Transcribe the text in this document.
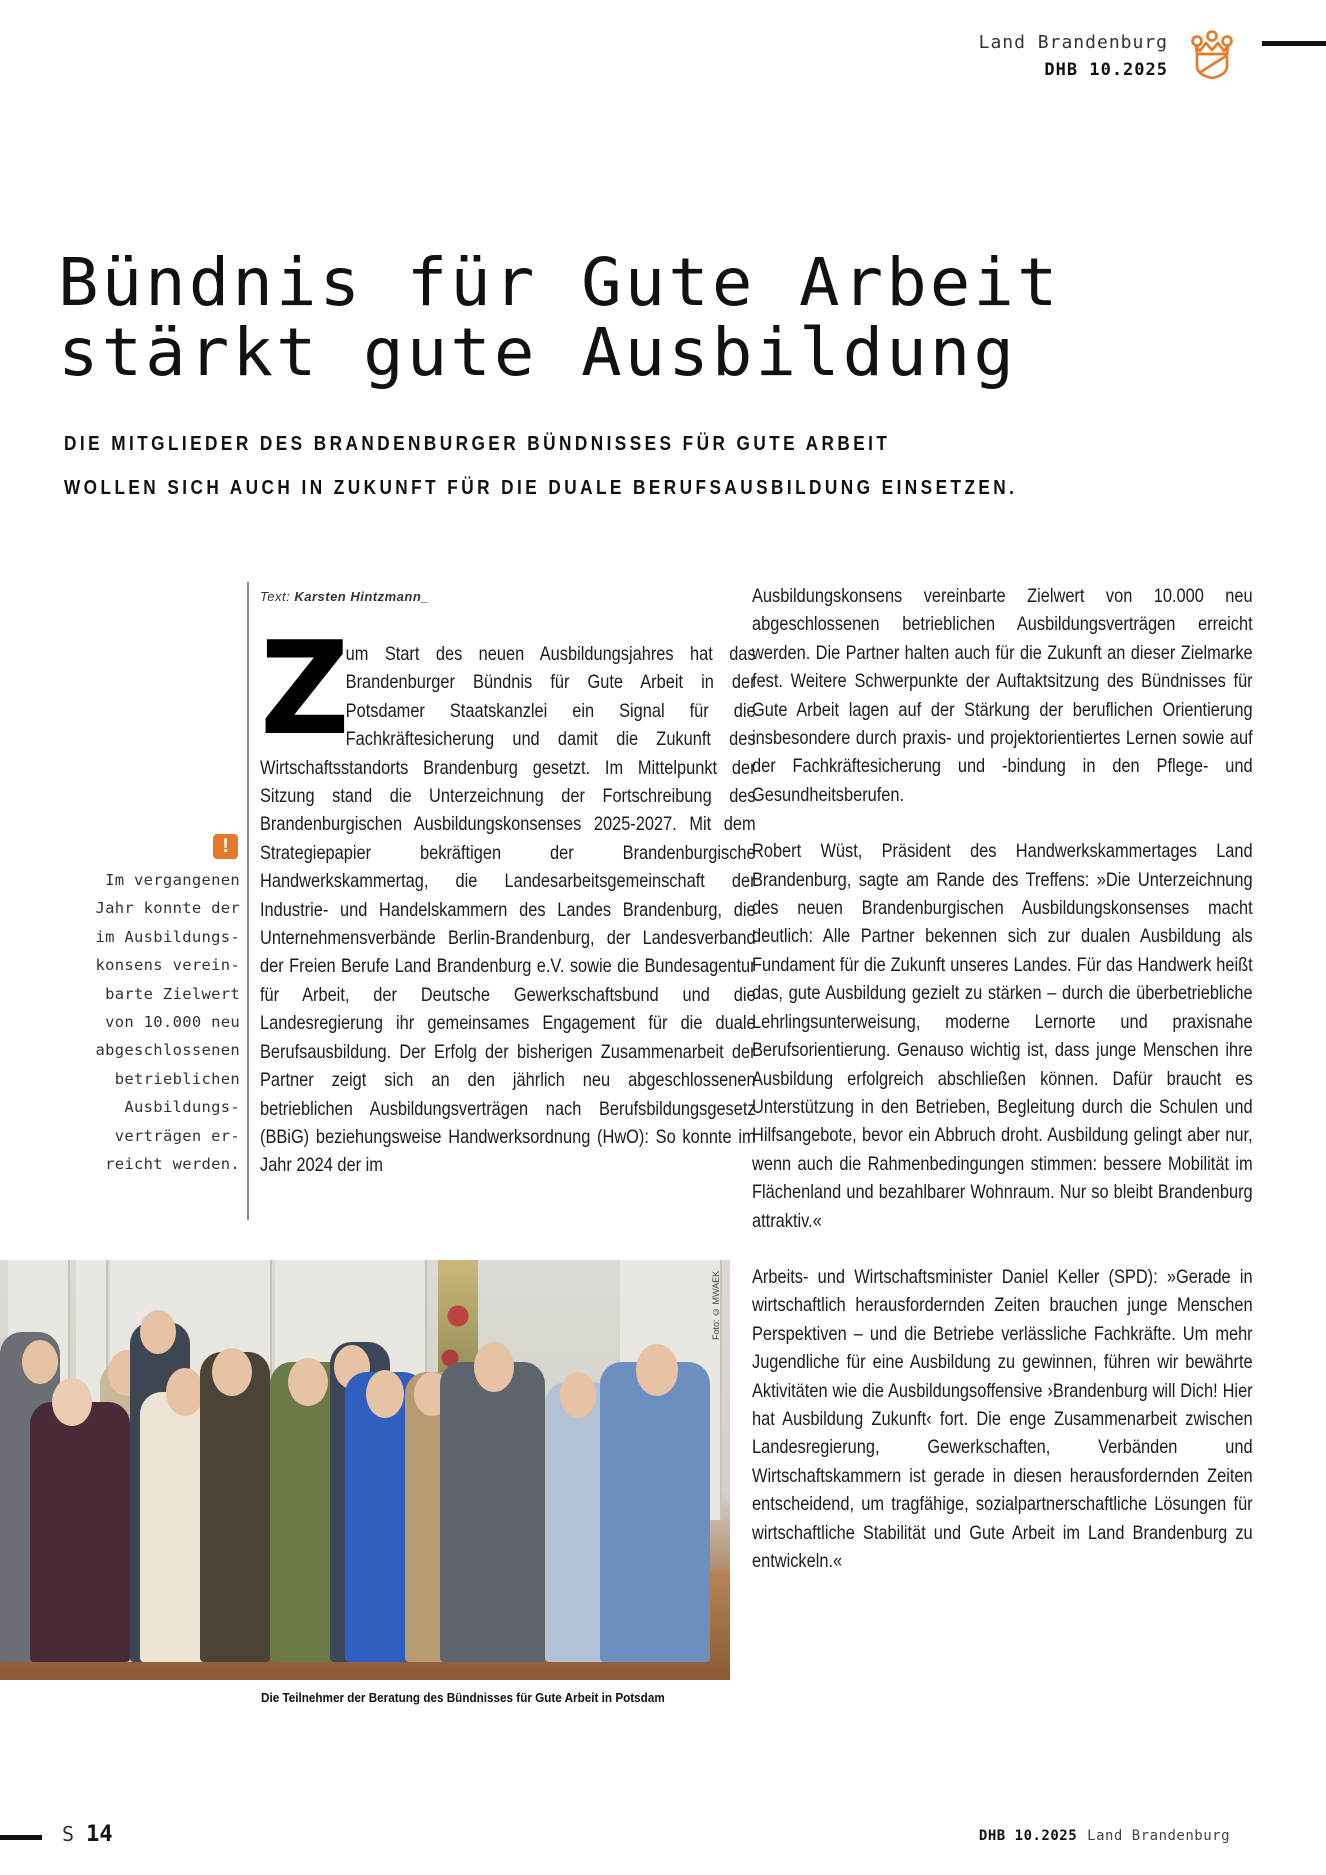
Land Brandenburg
DHB 10.2025
Bündnis für Gute Arbeit
stärkt gute Ausbildung
DIE MITGLIEDER DES BRANDENBURGER BÜNDNISSES FÜR GUTE ARBEIT
WOLLEN SICH AUCH IN ZUKUNFT FÜR DIE DUALE BERUFSAUSBILDUNG EINSETZEN.
Text: Karsten Hintzmann_

Z
um Start des neuen Ausbildungsjahres hat das Brandenburger Bündnis für Gute Arbeit in der Potsdamer Staatskanzlei ein Signal für die Fachkräftesicherung und damit die Zukunft des Wirtschaftsstandorts Brandenburg gesetzt. Im Mittelpunkt der Sitzung stand die Unterzeichnung der Fortschreibung des Brandenburgischen Ausbildungskonsenses 2025-2027. Mit dem Strategiepapier bekräftigen der Brandenburgische Handwerkskammertag, die Landesarbeitsgemeinschaft der Industrie- und Handelskammern des Landes Brandenburg, die Unternehmensverbände Berlin-Brandenburg, der Landesverband der Freien Berufe Land Brandenburg e.V. sowie die Bundesagentur für Arbeit, der Deutsche Gewerkschaftsbund und die Landesregierung ihr gemeinsames Engagement für die duale Berufsausbildung. Der Erfolg der bisherigen Zusammenarbeit der Partner zeigt sich an den jährlich neu abgeschlossenen betrieblichen Ausbildungsverträgen nach Berufsbildungsgesetz (BBiG) beziehungsweise Handwerksordnung (HwO): So konnte im Jahr 2024 der im

Ausbildungskonsens vereinbarte Zielwert von 10.000 neu abgeschlossenen betrieblichen Ausbildungsverträgen erreicht werden. Die Partner halten auch für die Zukunft an dieser Zielmarke fest. Weitere Schwerpunkte der Auftaktsitzung des Bündnisses für Gute Arbeit lagen auf der Stärkung der beruflichen Orientierung insbesondere durch praxis- und projektorientiertes Lernen sowie auf der Fachkräftesicherung und -bindung in den Pflege- und Gesundheitsberufen.

Robert Wüst, Präsident des Handwerkskammertages Land Brandenburg, sagte am Rande des Treffens: »Die Unterzeichnung des neuen Brandenburgischen Ausbildungskonsenses macht deutlich: Alle Partner bekennen sich zur dualen Ausbildung als Fundament für die Zukunft unseres Landes. Für das Handwerk heißt das, gute Ausbildung gezielt zu stärken – durch die überbetriebliche Lehrlingsunterweisung, moderne Lernorte und praxisnahe Berufsorientierung. Genauso wichtig ist, dass junge Menschen ihre Ausbildung erfolgreich abschließen können. Dafür braucht es Unterstützung in den Betrieben, Begleitung durch die Schulen und Hilfsangebote, bevor ein Abbruch droht. Ausbildung gelingt aber nur, wenn auch die Rahmenbedingungen stimmen: bessere Mobilität im Flächenland und bezahlbarer Wohnraum. Nur so bleibt Brandenburg attraktiv.«

Arbeits- und Wirtschaftsminister Daniel Keller (SPD): »Gerade in wirtschaftlich herausfordernden Zeiten brauchen junge Menschen Perspektiven – und die Betriebe verlässliche Fachkräfte. Um mehr Jugendliche für eine Ausbildung zu gewinnen, führen wir bewährte Aktivitäten wie die Ausbildungsoffensive ›Brandenburg will Dich! Hier hat Ausbildung Zukunft‹ fort. Die enge Zusammenarbeit zwischen Landesregierung, Gewerkschaften, Verbänden und Wirtschaftskammern ist gerade in diesen herausfordernden Zeiten entscheidend, um tragfähige, sozialpartnerschaftliche Lösungen für wirtschaftliche Stabilität und Gute Arbeit im Land Brandenburg zu entwickeln.«

!
Im vergangenen
Jahr konnte der
im Ausbildungs-
konsens verein-
barte Zielwert
von 10.000 neu
abgeschlossenen
betrieblichen
Ausbildungs-
verträgen er-
reicht werden.
Foto: © MWAEK
Die Teilnehmer der Beratung des Bündnisses für Gute Arbeit in Potsdam
S 14	DHB 10.2025 Land Brandenburg
